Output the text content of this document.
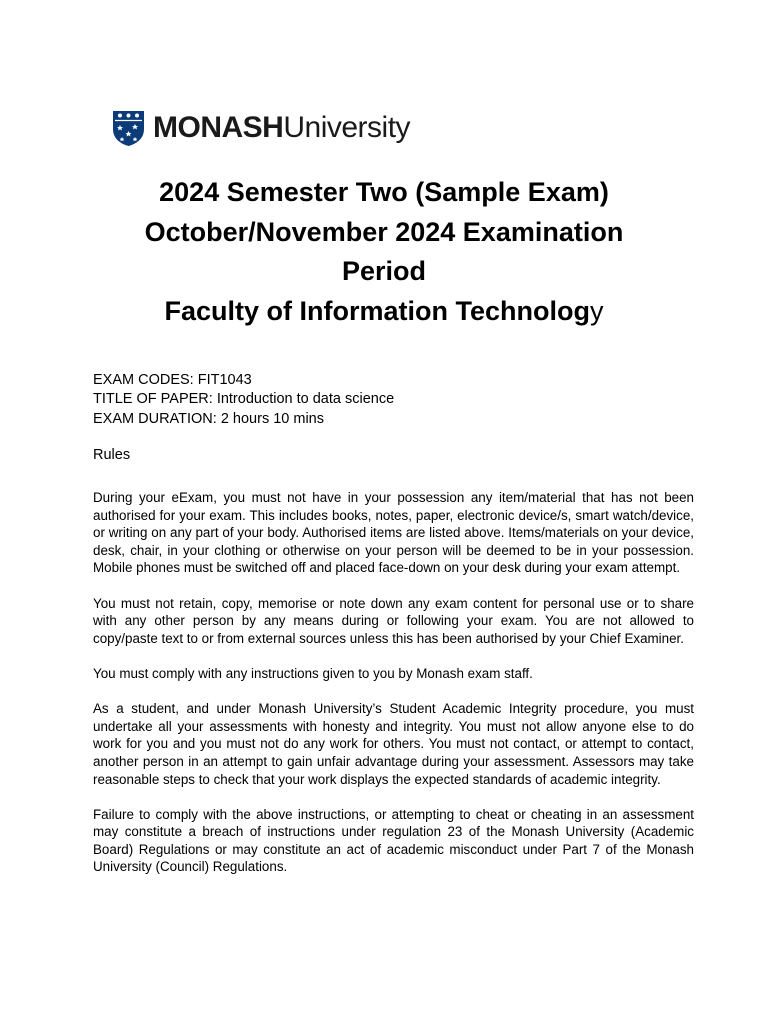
MONASH University
2024 Semester Two (Sample Exam)
October/November 2024 Examination
Period
Faculty of Information Technology
EXAM CODES: FIT1043
TITLE OF PAPER: Introduction to data science
EXAM DURATION: 2 hours 10 mins
Rules

During your eExam, you must not have in your possession any item/material that has not been authorised for your exam. This includes books, notes, paper, electronic device/s, smart watch/device, or writing on any part of your body. Authorised items are listed above. Items/materials on your device, desk, chair, in your clothing or otherwise on your person will be deemed to be in your possession. Mobile phones must be switched off and placed face-down on your desk during your exam attempt.

You must not retain, copy, memorise or note down any exam content for personal use or to share with any other person by any means during or following your exam. You are not allowed to copy/paste text to or from external sources unless this has been authorised by your Chief Examiner.

You must comply with any instructions given to you by Monash exam staff.

As a student, and under Monash University’s Student Academic Integrity procedure, you must undertake all your assessments with honesty and integrity. You must not allow anyone else to do work for you and you must not do any work for others. You must not contact, or attempt to contact, another person in an attempt to gain unfair advantage during your assessment. Assessors may take reasonable steps to check that your work displays the expected standards of academic integrity.

Failure to comply with the above instructions, or attempting to cheat or cheating in an assessment may constitute a breach of instructions under regulation 23 of the Monash University (Academic Board) Regulations or may constitute an act of academic misconduct under Part 7 of the Monash University (Council) Regulations.
